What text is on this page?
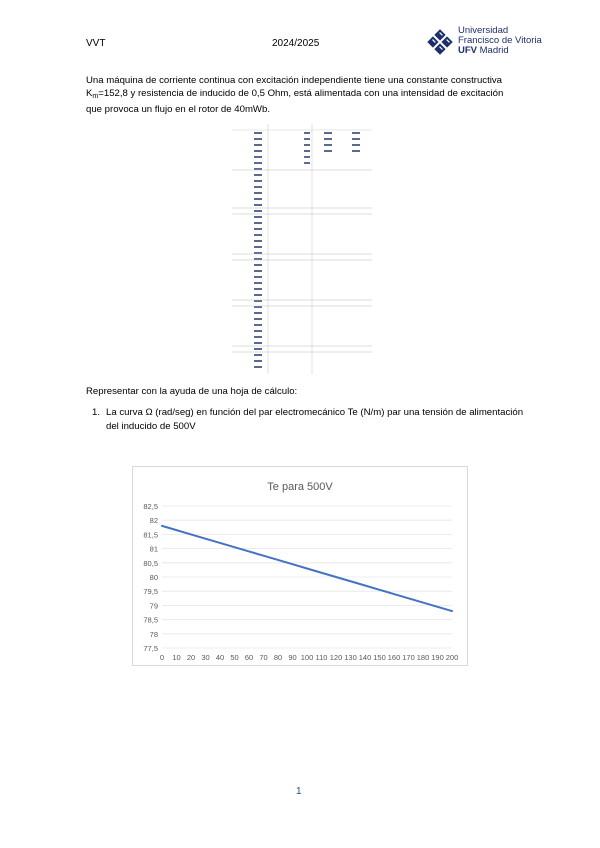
VVT	2024/2025
Universidad
Francisco de Vitoria
UFV Madrid
Una máquina de corriente continua con excitación independiente tiene una constante constructiva $K_m=152,8$ y resistencia de inducido de 0,5 Ohm, está alimentada con una intensidad de excitación que provoca un flujo en el rotor de 40mWb.
Representar con la ayuda de una hoja de cálculo:
1. La curva Ω (rad/seg) en función del par electromecánico Te (N/m) par una tensión de alimentación del inducido de 500V
Te para 500V
82,5
82
81,5
81
80,5
80
79,5
79
78,5
78
77,5
0 10 20 30 40 50 60 70 80 90 100 110 120 130 140 150 160 170 180 190 200
1
